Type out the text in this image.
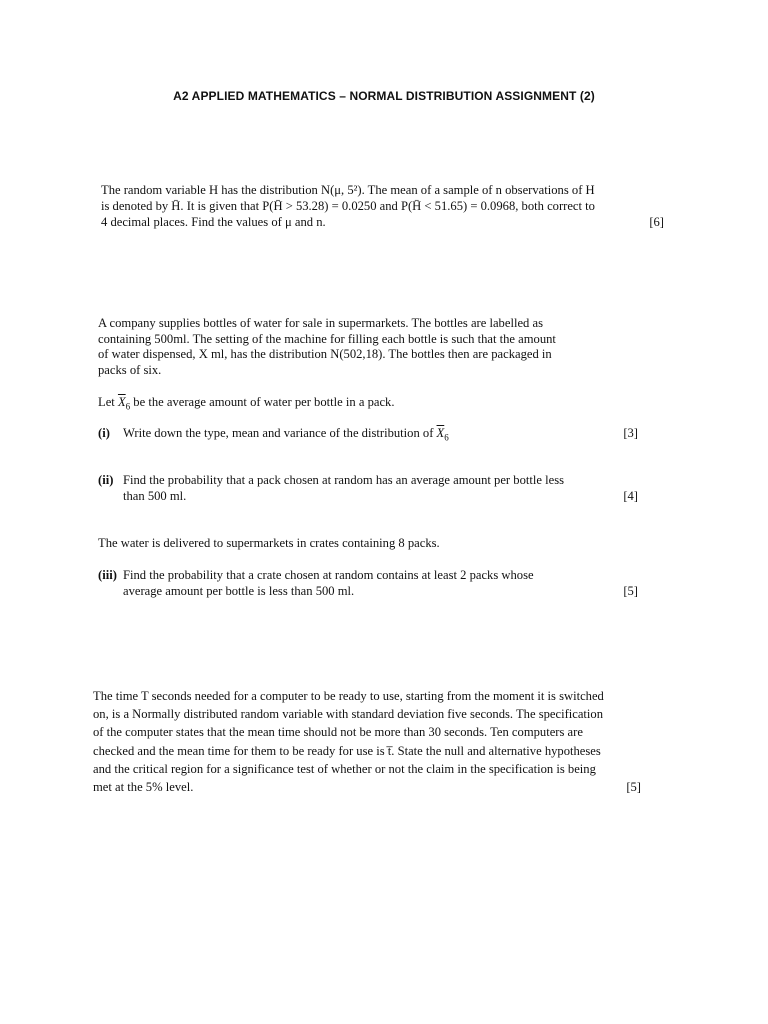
A2 APPLIED MATHEMATICS – NORMAL DISTRIBUTION ASSIGNMENT (2)
The random variable H has the distribution N(μ, 5²). The mean of a sample of n observations of H
is denoted by H̄. It is given that P(H̄ > 53.28) = 0.0250 and P(H̄ < 51.65) = 0.0968, both correct to
4 decimal places. Find the values of μ and n.	[6]
A company supplies bottles of water for sale in supermarkets. The bottles are labelled as
containing 500ml. The setting of the machine for filling each bottle is such that the amount
of water dispensed, X ml, has the distribution N(502,18). The bottles then are packaged in
packs of six.
Let $\overline{X}_6$ be the average amount of water per bottle in a pack.
(i)	Write down the type, mean and variance of the distribution of $\overline{X}_6$	[3]
(ii) Find the probability that a pack chosen at random has an average amount per bottle less
than 500 ml.	[4]
The water is delivered to supermarkets in crates containing 8 packs.
(iii) Find the probability that a crate chosen at random contains at least 2 packs whose
average amount per bottle is less than 500 ml.	[5]
The time T seconds needed for a computer to be ready to use, starting from the moment it is switched
on, is a Normally distributed random variable with standard deviation five seconds. The specification
of the computer states that the mean time should not be more than 30 seconds. Ten computers are
checked and the mean time for them to be ready for use is t̅. State the null and alternative hypotheses
and the critical region for a significance test of whether or not the claim in the specification is being
met at the 5% level.	[5]
